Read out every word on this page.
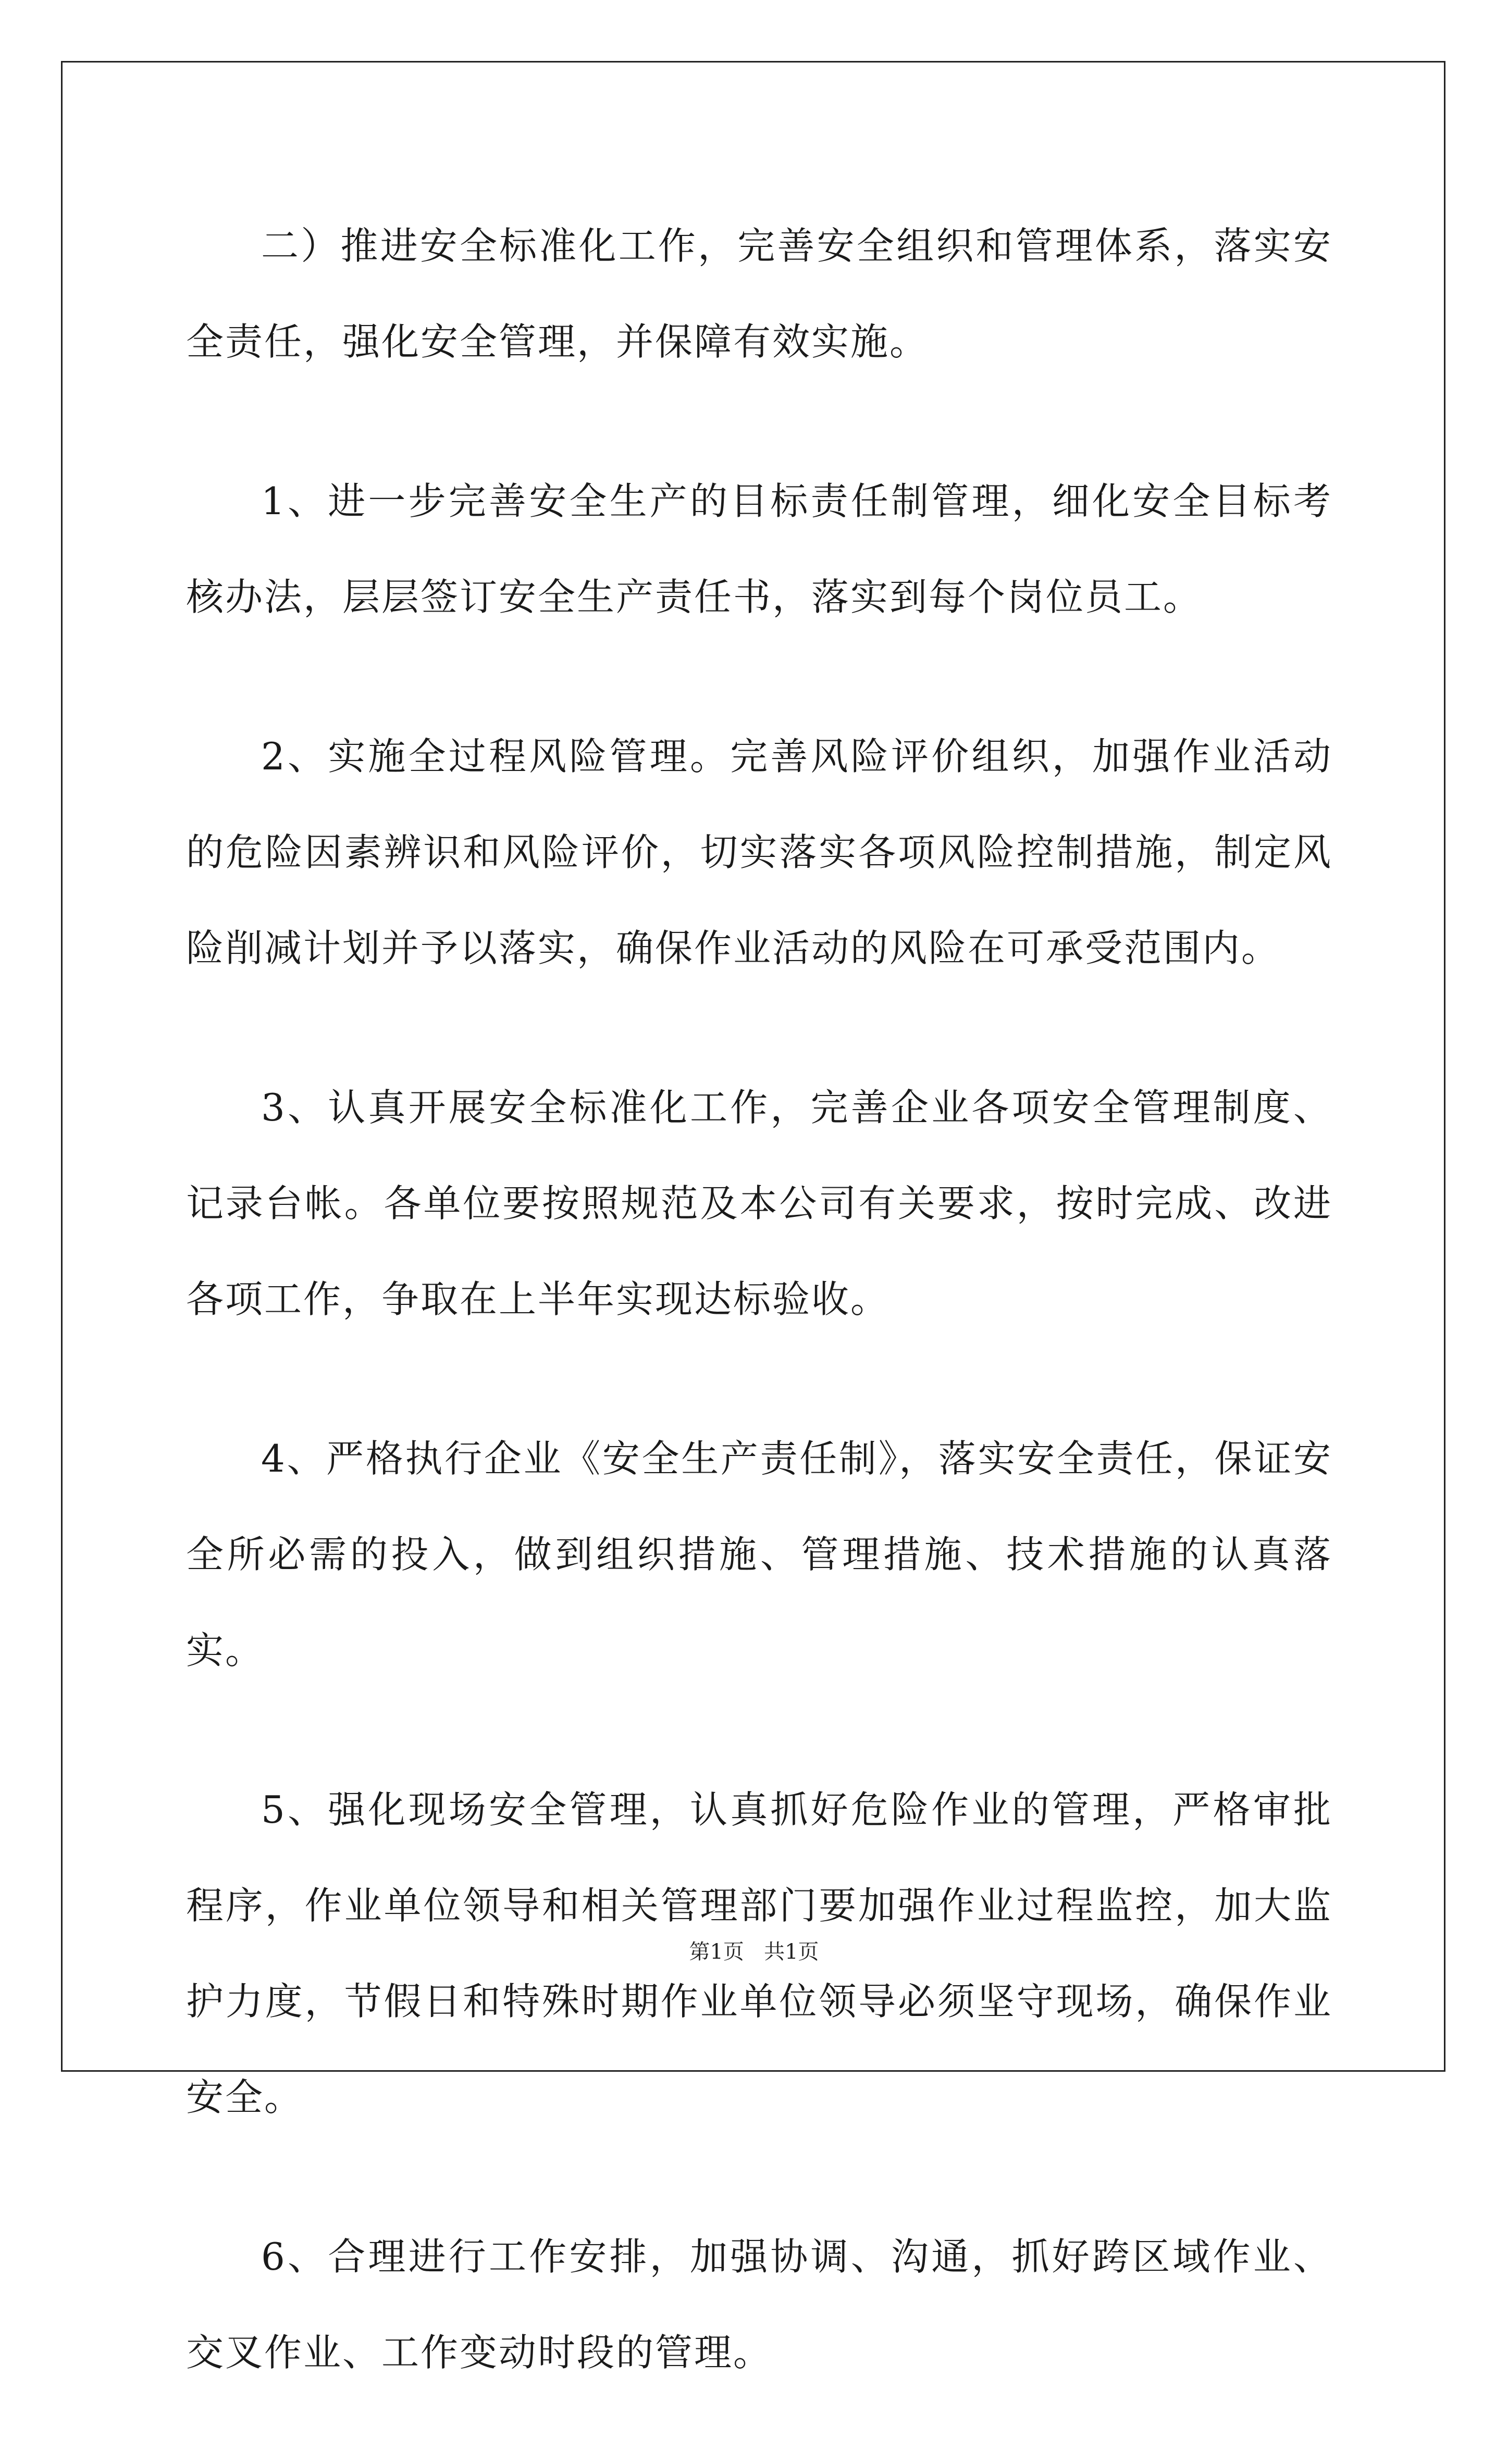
二）推进安全标准化工作，完善安全组织和管理体系，落实安全责任，强化安全管理，并保障有效实施。

1、进一步完善安全生产的目标责任制管理，细化安全目标考核办法，层层签订安全生产责任书，落实到每个岗位员工。

2、实施全过程风险管理。完善风险评价组织，加强作业活动的危险因素辨识和风险评价，切实落实各项风险控制措施，制定风险削减计划并予以落实，确保作业活动的风险在可承受范围内。

3、认真开展安全标准化工作，完善企业各项安全管理制度、记录台帐。各单位要按照规范及本公司有关要求，按时完成、改进各项工作，争取在上半年实现达标验收。

4、严格执行企业《安全生产责任制》，落实安全责任，保证安全所必需的投入，做到组织措施、管理措施、技术措施的认真落实。

5、强化现场安全管理，认真抓好危险作业的管理，严格审批程序，作业单位领导和相关管理部门要加强作业过程监控，加大监护力度，节假日和特殊时期作业单位领导必须坚守现场，确保作业安全。

6、合理进行工作安排，加强协调、沟通，抓好跨区域作业、交叉作业、工作变动时段的管理。

第1页 共1页
